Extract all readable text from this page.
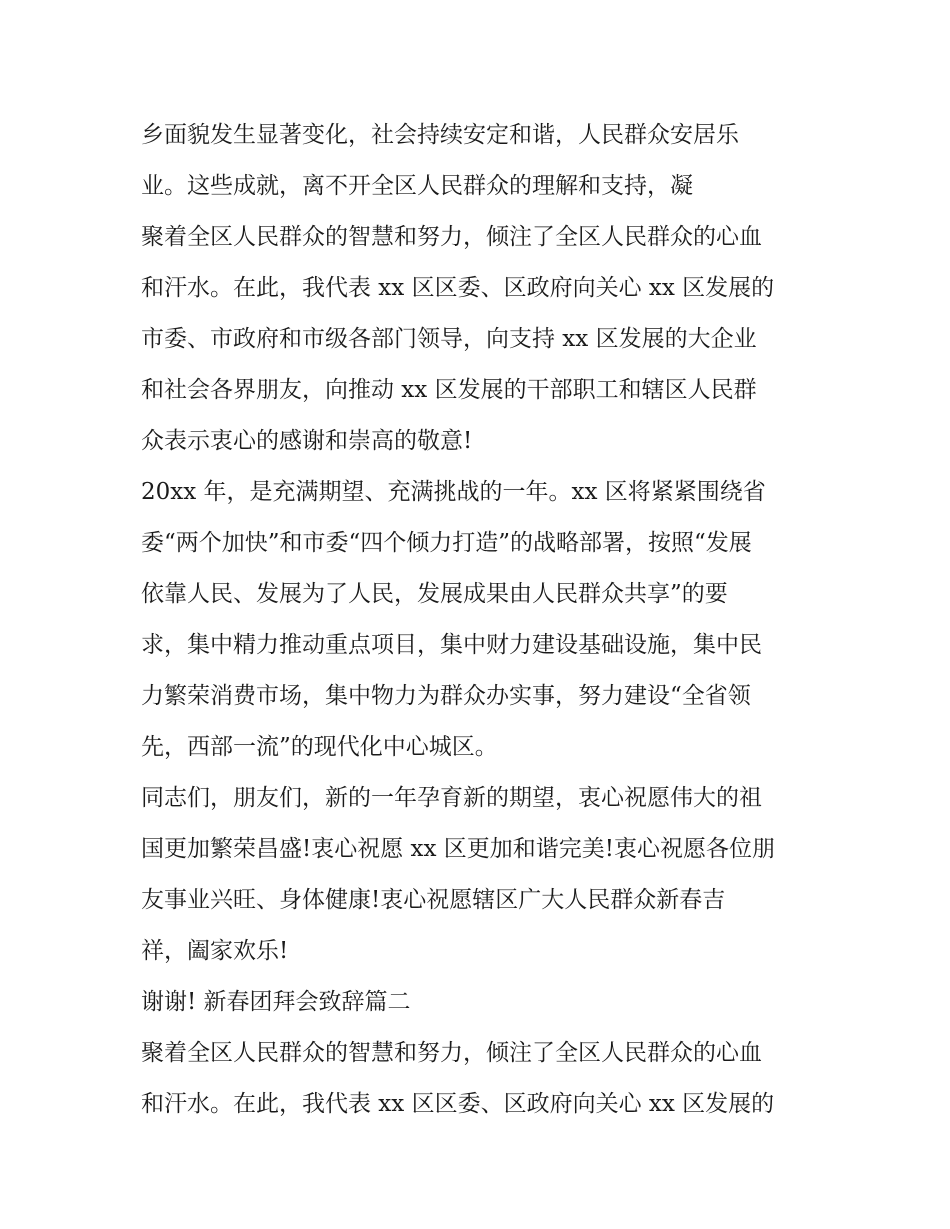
乡面貌发生显著变化，社会持续安定和谐，人民群众安居乐
业。这些成就，离不开全区人民群众的理解和支持，凝
聚着全区人民群众的智慧和努力，倾注了全区人民群众的心血
和汗水。在此，我代表 xx 区区委、区政府向关心 xx 区发展的
市委、市政府和市级各部门领导，向支持 xx 区发展的大企业
和社会各界朋友，向推动 xx 区发展的干部职工和辖区人民群
众表示衷心的感谢和崇高的敬意!
20xx 年，是充满期望、充满挑战的一年。xx 区将紧紧围绕省
委“两个加快”和市委“四个倾力打造”的战略部署，按照“发展
依靠人民、发展为了人民，发展成果由人民群众共享”的要
求，集中精力推动重点项目，集中财力建设基础设施，集中民
力繁荣消费市场，集中物力为群众办实事，努力建设“全省领
先，西部一流”的现代化中心城区。
同志们，朋友们，新的一年孕育新的期望，衷心祝愿伟大的祖
国更加繁荣昌盛!衷心祝愿 xx 区更加和谐完美!衷心祝愿各位朋
友事业兴旺、身体健康!衷心祝愿辖区广大人民群众新春吉
祥，阖家欢乐!
谢谢! 新春团拜会致辞篇二
聚着全区人民群众的智慧和努力，倾注了全区人民群众的心血
和汗水。在此，我代表 xx 区区委、区政府向关心 xx 区发展的
